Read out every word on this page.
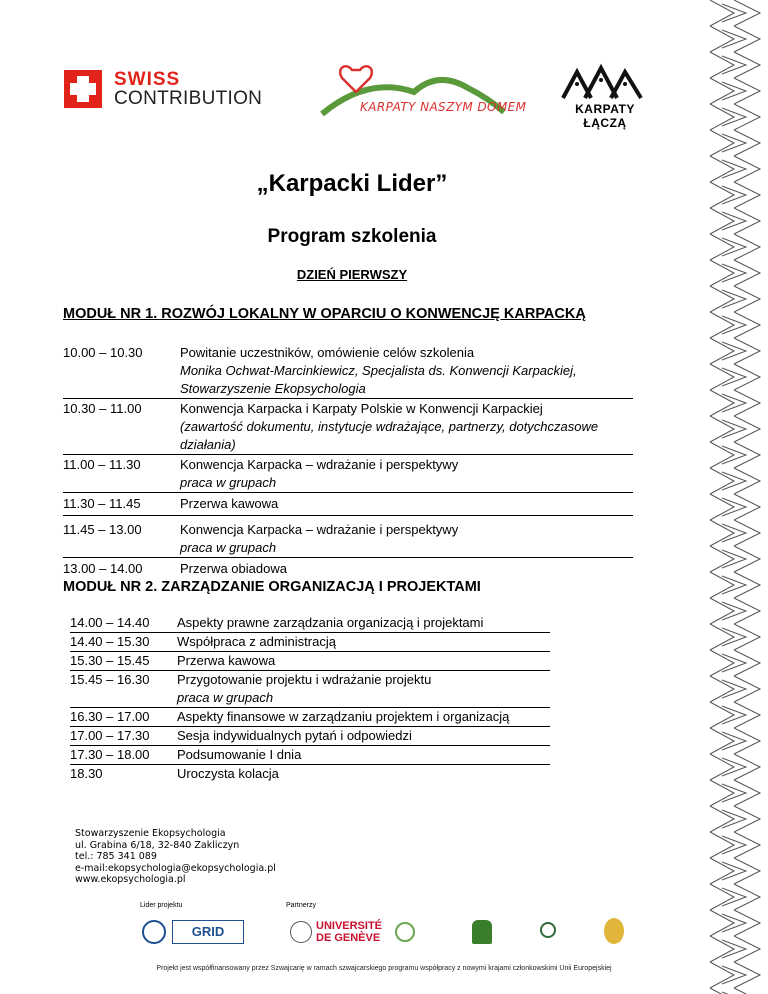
SWISS
CONTRIBUTION	KARPATY NASZYM DOMEM	KARPATY ŁĄCZĄ
„Karpacki Lider”
Program szkolenia
DZIEŃ PIERWSZY
MODUŁ NR 1. ROZWÓJ LOKALNY W OPARCIU O KONWENCJĘ KARPACKĄ
10.00 – 10.30	Powitanie uczestników, omówienie celów szkolenia
Monika Ochwat-Marcinkiewicz, Specjalista ds. Konwencji Karpackiej, Stowarzyszenie Ekopsychologia
10.30 – 11.00	Konwencja Karpacka i Karpaty Polskie w Konwencji Karpackiej
(zawartość dokumentu, instytucje wdrażające, partnerzy, dotychczasowe działania)
11.00 – 11.30	Konwencja Karpacka – wdrażanie i perspektywy
praca w grupach
11.30 – 11.45	Przerwa kawowa
11.45 – 13.00	Konwencja Karpacka – wdrażanie i perspektywy
praca w grupach
13.00 – 14.00	Przerwa obiadowa
MODUŁ NR 2. ZARZĄDZANIE ORGANIZACJĄ I PROJEKTAMI
14.00 – 14.40	Aspekty prawne zarządzania organizacją i projektami
14.40 – 15.30	Współpraca z administracją
15.30 – 15.45	Przerwa kawowa
15.45 – 16.30	Przygotowanie projektu i wdrażanie projektu
praca w grupach
16.30 – 17.00	Aspekty finansowe w zarządzaniu projektem i organizacją
17.00 – 17.30	Sesja indywidualnych pytań i odpowiedzi
17.30 – 18.00	Podsumowanie I dnia
18.30	Uroczysta kolacja
Stowarzyszenie Ekopsychologia
ul. Grabina 6/18, 32-840 Zakliczyn
tel.: 785 341 089
e-mail:ekopsychologia@ekopsychologia.pl
www.ekopsychologia.pl
Lider projektu	Partnerzy
GRID	UNIVERSITÉ
DE GENÈVE
Projekt jest współfinansowany przez Szwajcarię w ramach szwajcarskiego programu współpracy z nowymi krajami członkowskimi Unii Europejskiej
